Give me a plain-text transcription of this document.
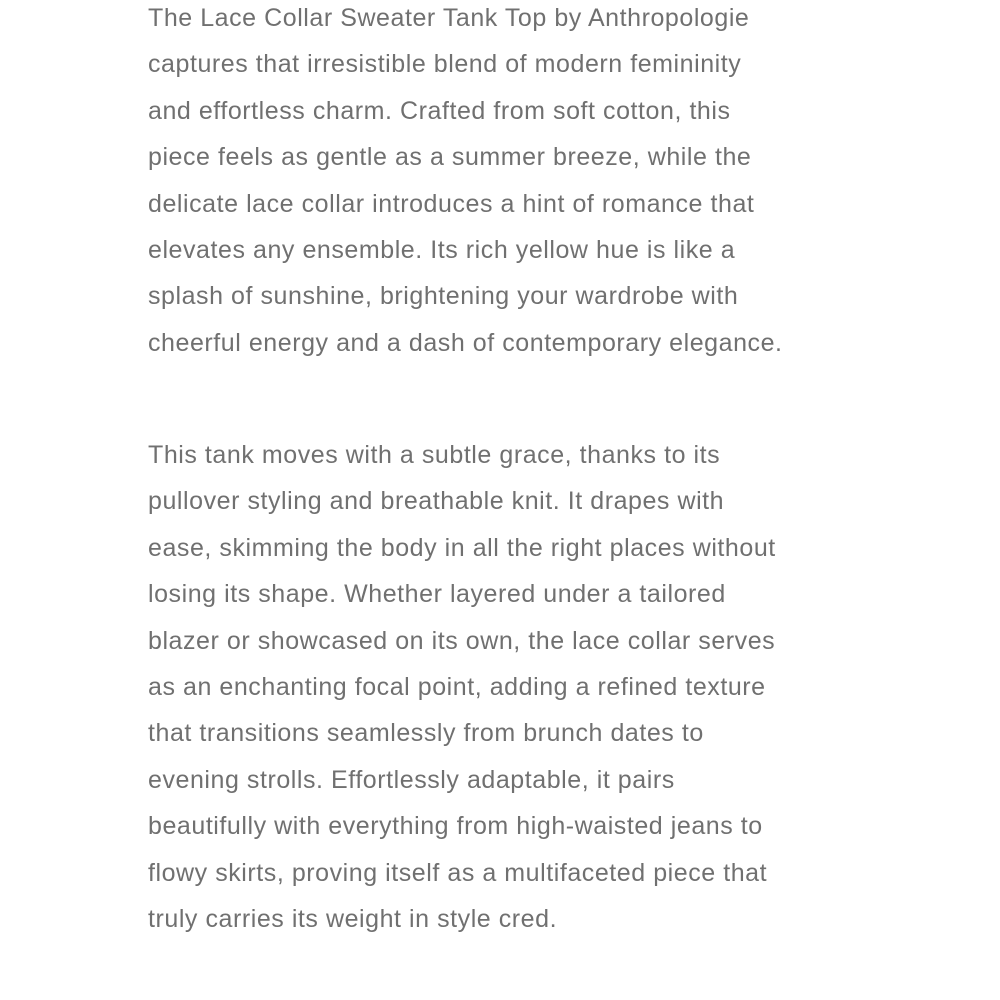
The Lace Collar Sweater Tank Top by Anthropologie
captures that irresistible blend of modern femininity
and effortless charm. Crafted from soft cotton, this
piece feels as gentle as a summer breeze, while the
delicate lace collar introduces a hint of romance that
elevates any ensemble. Its rich yellow hue is like a
splash of sunshine, brightening your wardrobe with
cheerful energy and a dash of contemporary elegance.

This tank moves with a subtle grace, thanks to its
pullover styling and breathable knit. It drapes with
ease, skimming the body in all the right places without
losing its shape. Whether layered under a tailored
blazer or showcased on its own, the lace collar serves
as an enchanting focal point, adding a refined texture
that transitions seamlessly from brunch dates to
evening strolls. Effortlessly adaptable, it pairs
beautifully with everything from high-waisted jeans to
flowy skirts, proving itself as a multifaceted piece that
truly carries its weight in style cred.
